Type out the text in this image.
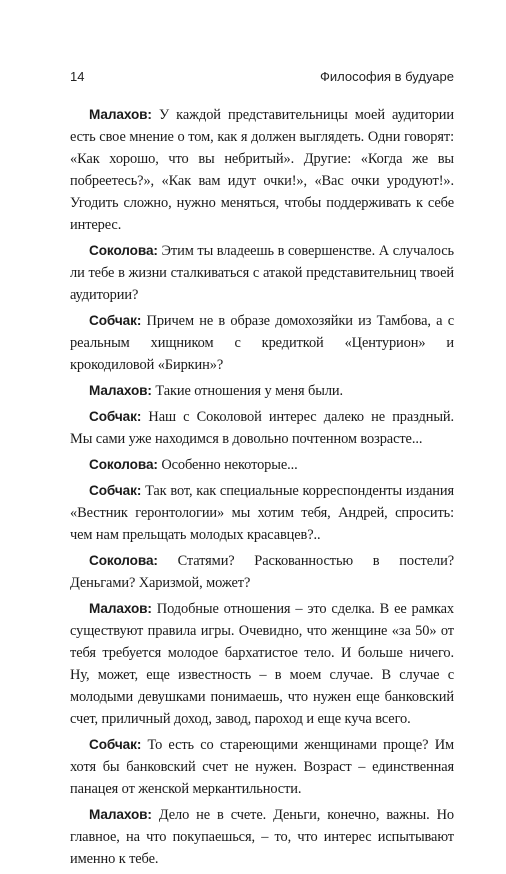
14	Философия в будуаре

Малахов: У каждой представительницы моей аудитории есть свое мнение о том, как я должен выглядеть. Одни говорят: «Как хорошо, что вы небритый». Другие: «Когда же вы побреетесь?», «Как вам идут очки!», «Вас очки уродуют!». Угодить сложно, нужно меняться, чтобы поддерживать к себе интерес.

Соколова: Этим ты владеешь в совершенстве. А случалось ли тебе в жизни сталкиваться с атакой представительниц твоей аудитории?

Собчак: Причем не в образе домохозяйки из Тамбова, а с реальным хищником с кредиткой «Центурион» и крокодиловой «Биркин»?

Малахов: Такие отношения у меня были.

Собчак: Наш с Соколовой интерес далеко не праздный. Мы сами уже находимся в довольно почтенном возрасте...

Соколова: Особенно некоторые...

Собчак: Так вот, как специальные корреспонденты издания «Вестник геронтологии» мы хотим тебя, Андрей, спросить: чем нам прельщать молодых красавцев?..

Соколова: Статями? Раскованностью в постели? Деньгами? Харизмой, может?

Малахов: Подобные отношения – это сделка. В ее рамках существуют правила игры. Очевидно, что женщине «за 50» от тебя требуется молодое бархатистое тело. И больше ничего. Ну, может, еще известность – в моем случае. В случае с молодыми девушками понимаешь, что нужен еще банковский счет, приличный доход, завод, пароход и еще куча всего.

Собчак: То есть со стареющими женщинами проще? Им хотя бы банковский счет не нужен. Возраст – единственная панацея от женской меркантильности.

Малахов: Дело не в счете. Деньги, конечно, важны. Но главное, на что покупаешься, – то, что интерес испытывают именно к тебе.
